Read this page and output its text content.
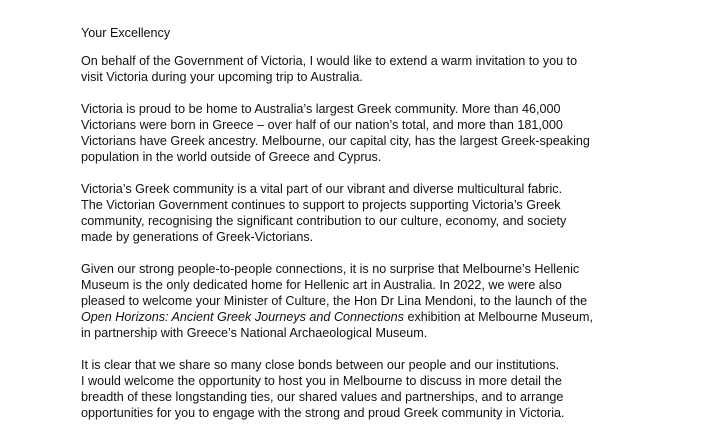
Your Excellency

On behalf of the Government of Victoria, I would like to extend a warm invitation to you to
visit Victoria during your upcoming trip to Australia.

Victoria is proud to be home to Australia’s largest Greek community. More than 46,000
Victorians were born in Greece – over half of our nation’s total, and more than 181,000
Victorians have Greek ancestry. Melbourne, our capital city, has the largest Greek-speaking
population in the world outside of Greece and Cyprus.

Victoria’s Greek community is a vital part of our vibrant and diverse multicultural fabric.
The Victorian Government continues to support to projects supporting Victoria’s Greek
community, recognising the significant contribution to our culture, economy, and society
made by generations of Greek-Victorians.

Given our strong people-to-people connections, it is no surprise that Melbourne’s Hellenic
Museum is the only dedicated home for Hellenic art in Australia. In 2022, we were also
pleased to welcome your Minister of Culture, the Hon Dr Lina Mendoni, to the launch of the
Open Horizons: Ancient Greek Journeys and Connections exhibition at Melbourne Museum,
in partnership with Greece’s National Archaeological Museum.

It is clear that we share so many close bonds between our people and our institutions.
I would welcome the opportunity to host you in Melbourne to discuss in more detail the
breadth of these longstanding ties, our shared values and partnerships, and to arrange
opportunities for you to engage with the strong and proud Greek community in Victoria.
